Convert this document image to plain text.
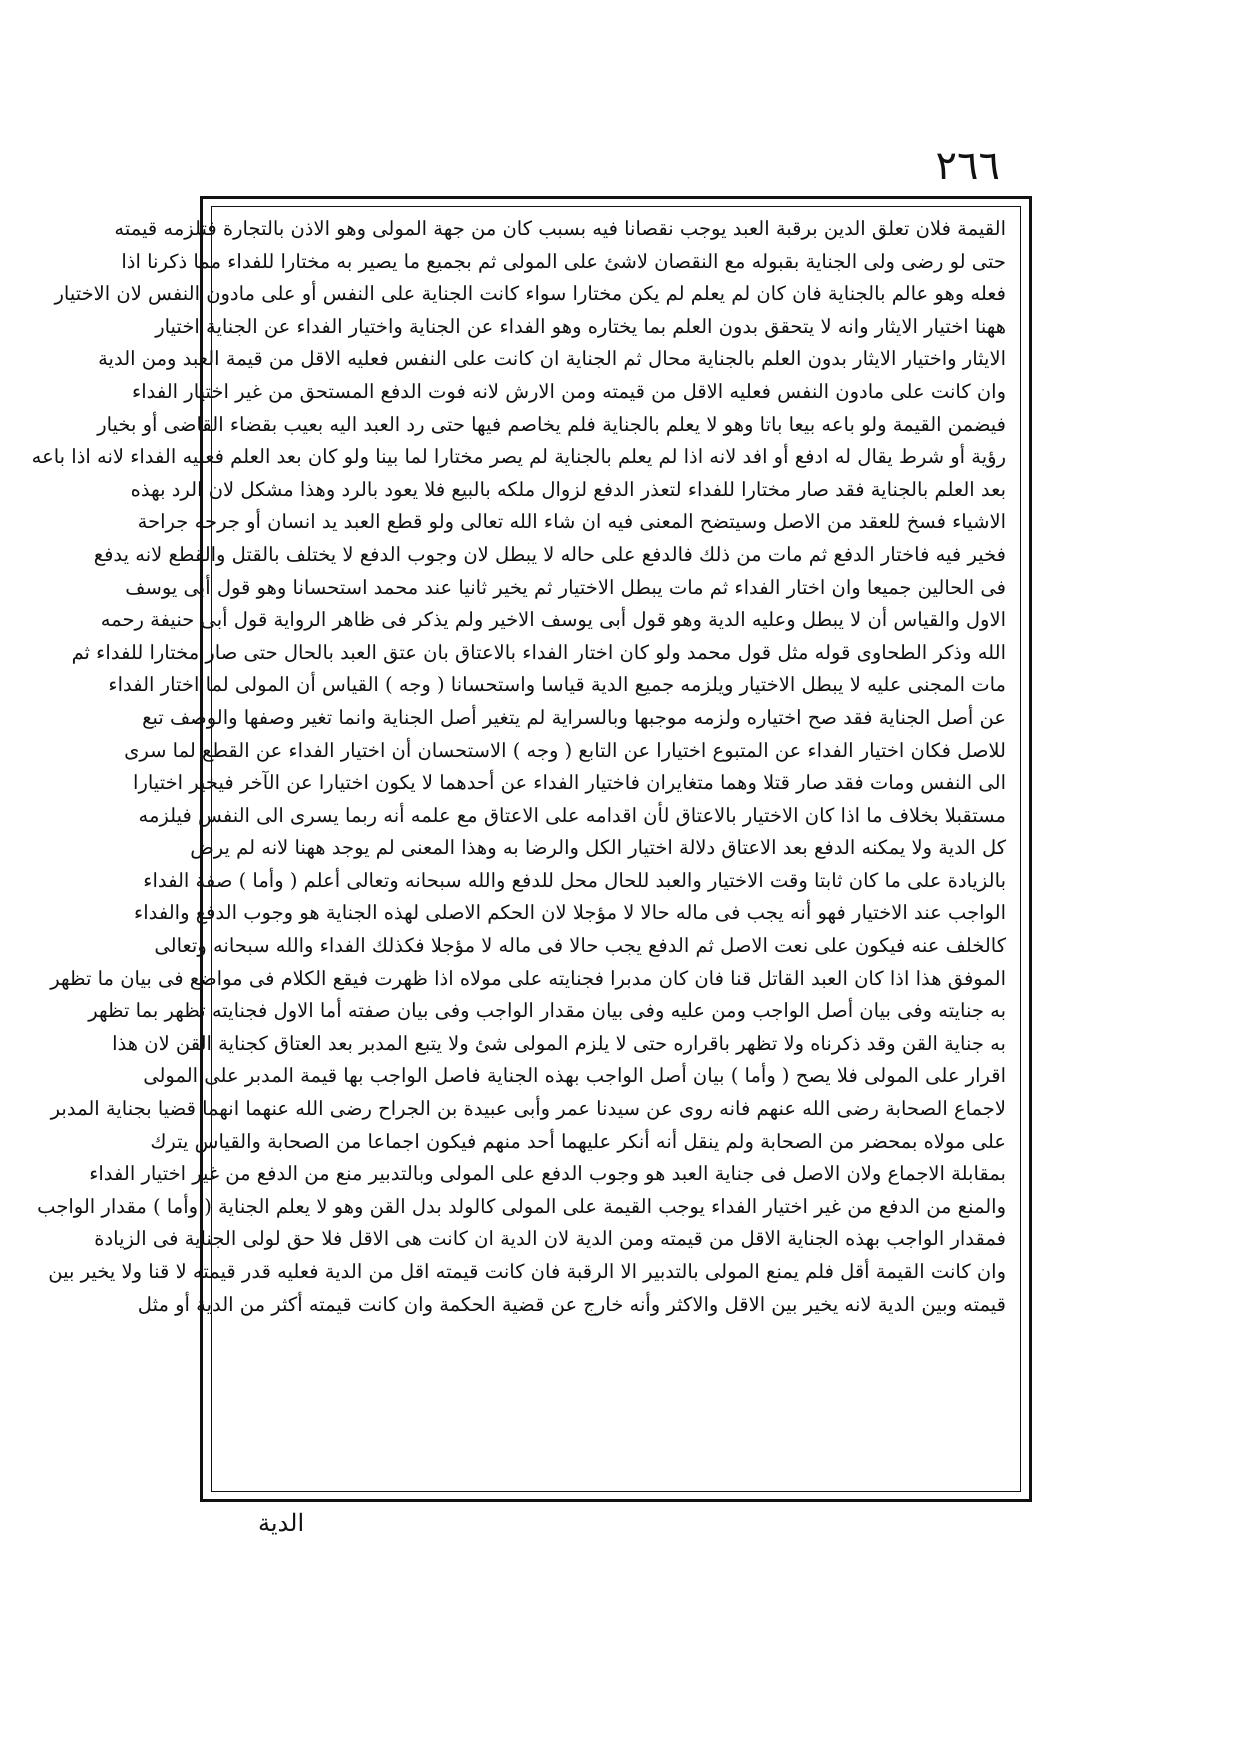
٢٦٦
القيمة فلان تعلق الدين برقبة العبد يوجب نقصانا فيه بسبب كان من جهة المولى وهو الاذن بالتجارة فتلزمه قيمته
حتى لو رضى ولى الجناية بقبوله مع النقصان لاشئ على المولى ثم بجميع ما يصير به مختارا للفداء مما ذكرنا اذا
فعله وهو عالم بالجناية فان كان لم يعلم لم يكن مختارا سواء كانت الجناية على النفس أو على مادون النفس لان الاختيار
ههنا اختيار الايثار وانه لا يتحقق بدون العلم بما يختاره وهو الفداء عن الجناية واختيار الفداء عن الجناية اختيار
الايثار واختيار الايثار بدون العلم بالجناية محال ثم الجناية ان كانت على النفس فعليه الاقل من قيمة العبد ومن الدية
وان كانت على مادون النفس فعليه الاقل من قيمته ومن الارش لانه فوت الدفع المستحق من غير اختيار الفداء
فيضمن القيمة ولو باعه بيعا باتا وهو لا يعلم بالجناية فلم يخاصم فيها حتى رد العبد اليه بعيب بقضاء القاضى أو بخيار
رؤية أو شرط يقال له ادفع أو افد لانه اذا لم يعلم بالجناية لم يصر مختارا لما بينا ولو كان بعد العلم فعليه الفداء لانه اذا باعه
بعد العلم بالجناية فقد صار مختارا للفداء لتعذر الدفع لزوال ملكه بالبيع فلا يعود بالرد وهذا مشكل لان الرد بهذه
الاشياء فسخ للعقد من الاصل وسيتضح المعنى فيه ان شاء الله تعالى ولو قطع العبد يد انسان أو جرحه جراحة
فخير فيه فاختار الدفع ثم مات من ذلك فالدفع على حاله لا يبطل لان وجوب الدفع لا يختلف بالقتل والقطع لانه يدفع
فى الحالين جميعا وان اختار الفداء ثم مات يبطل الاختيار ثم يخير ثانيا عند محمد استحسانا وهو قول أبى يوسف
الاول والقياس أن لا يبطل وعليه الدية وهو قول أبى يوسف الاخير ولم يذكر فى ظاهر الرواية قول أبى حنيفة رحمه
الله وذكر الطحاوى قوله مثل قول محمد ولو كان اختار الفداء بالاعتاق بان عتق العبد بالحال حتى صار مختارا للفداء ثم
مات المجنى عليه لا يبطل الاختيار ويلزمه جميع الدية قياسا واستحسانا ( وجه ) القياس أن المولى لما اختار الفداء
عن أصل الجناية فقد صح اختياره ولزمه موجبها وبالسراية لم يتغير أصل الجناية وانما تغير وصفها والوصف تبع
للاصل فكان اختيار الفداء عن المتبوع اختيارا عن التابع ( وجه ) الاستحسان أن اختيار الفداء عن القطع لما سرى
الى النفس ومات فقد صار قتلا وهما متغايران فاختيار الفداء عن أحدهما لا يكون اختيارا عن الآخر فيخير اختيارا
مستقبلا بخلاف ما اذا كان الاختيار بالاعتاق لأن اقدامه على الاعتاق مع علمه أنه ربما يسرى الى النفس فيلزمه
كل الدية ولا يمكنه الدفع بعد الاعتاق دلالة اختيار الكل والرضا به وهذا المعنى لم يوجد ههنا لانه لم يرض
بالزيادة على ما كان ثابتا وقت الاختيار والعبد للحال محل للدفع والله سبحانه وتعالى أعلم ( وأما ) صفة الفداء
الواجب عند الاختيار فهو أنه يجب فى ماله حالا لا مؤجلا لان الحكم الاصلى لهذه الجناية هو وجوب الدفع والفداء
كالخلف عنه فيكون على نعت الاصل ثم الدفع يجب حالا فى ماله لا مؤجلا فكذلك الفداء والله سبحانه وتعالى
الموفق هذا اذا كان العبد القاتل قنا فان كان مدبرا فجنايته على مولاه اذا ظهرت فيقع الكلام فى مواضع فى بيان ما تظهر
به جنايته وفى بيان أصل الواجب ومن عليه وفى بيان مقدار الواجب وفى بيان صفته أما الاول فجنايته تظهر بما تظهر
به جناية القن وقد ذكرناه ولا تظهر باقراره حتى لا يلزم المولى شئ ولا يتبع المدبر بعد العتاق كجناية القن لان هذا
اقرار على المولى فلا يصح ( وأما ) بيان أصل الواجب بهذه الجناية فاصل الواجب بها قيمة المدبر على المولى
لاجماع الصحابة رضى الله عنهم فانه روى عن سيدنا عمر وأبى عبيدة بن الجراح رضى الله عنهما انهما قضيا بجناية المدبر
على مولاه بمحضر من الصحابة ولم ينقل أنه أنكر عليهما أحد منهم فيكون اجماعا من الصحابة والقياس يترك
بمقابلة الاجماع ولان الاصل فى جناية العبد هو وجوب الدفع على المولى وبالتدبير منع من الدفع من غير اختيار الفداء
والمنع من الدفع من غير اختيار الفداء يوجب القيمة على المولى كالولد بدل القن وهو لا يعلم الجناية ( وأما ) مقدار الواجب
فمقدار الواجب بهذه الجناية الاقل من قيمته ومن الدية لان الدية ان كانت هى الاقل فلا حق لولى الجناية فى الزيادة
وان كانت القيمة أقل فلم يمنع المولى بالتدبير الا الرقبة فان كانت قيمته اقل من الدية فعليه قدر قيمته لا قنا ولا يخير بين
قيمته وبين الدية لانه يخير بين الاقل والاكثر وأنه خارج عن قضية الحكمة وان كانت قيمته أكثر من الدية أو مثل
الدية
